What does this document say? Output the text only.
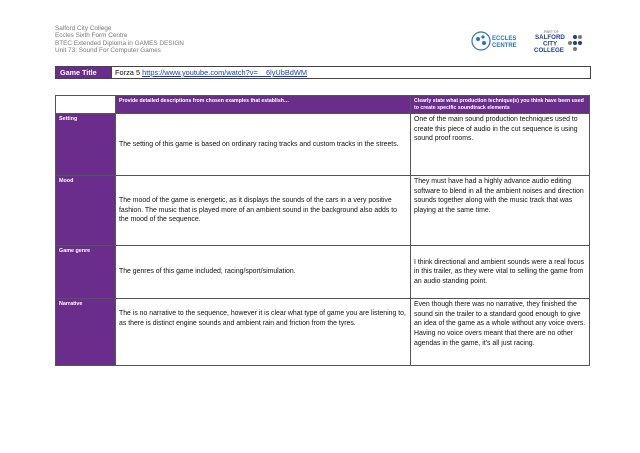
Salford City College
Eccles Sixth Form Centre
BTEC Extended Diploma in GAMES DESIGN
Unit 73: Sound For Computer Games
ECCLES
CENTRE
PART OF
SALFORD
CITY
COLLEGE
Game Title	Forza 5 https://www.youtube.com/watch?v=__6lyUbBdWM
	Provide detailed descriptions from chosen examples that establish…	Clearly state what production technique(s) you think have been used to create specific soundtrack elements
Setting	The setting of this game is based on ordinary racing tracks and custom tracks in the streets.	One of the main sound production techniques used to create this piece of audio in the cut sequence is using sound proof rooms.
Mood	The mood of the game is energetic, as it displays the sounds of the cars in a very positive fashion. The music that is played more of an ambient sound in the background also adds to the mood of the sequence.	They must have had a highly advance audio editing software to blend in all the ambient noises and direction sounds together along with the music track that was playing at the same time.
Game genre	The genres of this game included, racing/sport/simulation.	I think directional and ambient sounds were a real focus in this trailer, as they were vital to selling the game from an audio standing point.
Narrative	The is no narrative to the sequence, however it is clear what type of game you are listening to, as there is distinct engine sounds and ambient rain and friction from the tyres.	Even though there was no narrative, they finished the sound sin the trailer to a standard good enough to give an idea of the game as a whole without any voice overs. Having no voice overs meant that there are no other agendas in the game, it’s all just racing.
